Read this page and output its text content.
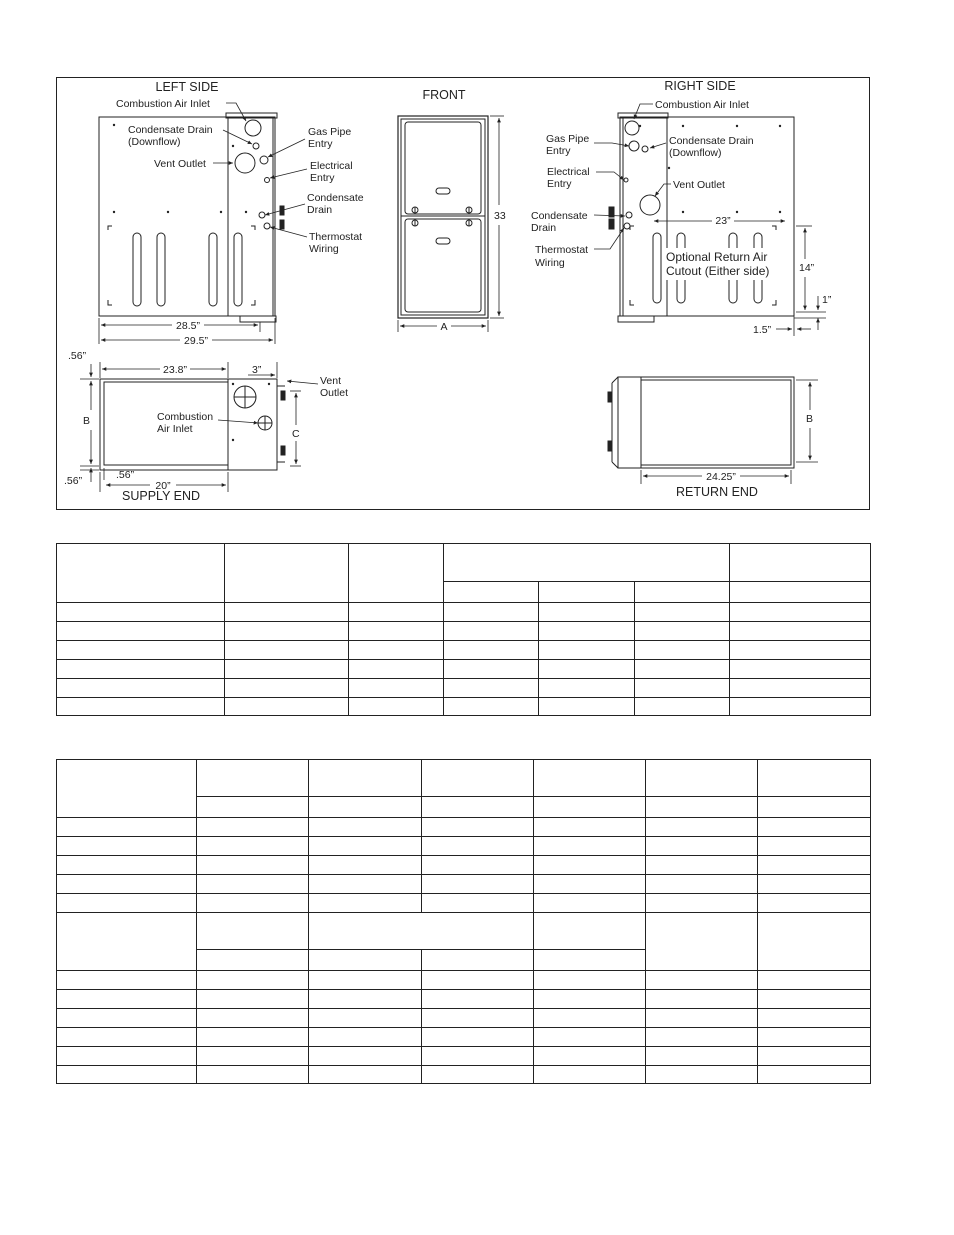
LEFT SIDE
Combustion Air Inlet
Condensate Drain
(Downflow)
Vent Outlet
Gas Pipe
Entry
Electrical
Entry
Condensate
Drain
Thermostat
Wiring
28.5”
29.5”
FRONT
33
A
RIGHT SIDE
Combustion Air Inlet
Gas Pipe
Entry
Condensate Drain
(Downflow)
Electrical
Entry	Vent Outlet
Condensate
Drain
Thermostat
Wiring	Optional Return Air
Cutout (Either side)
23”
14”
1”
1.5”
Vent
Outlet
Combustion
Air Inlet
.56”
23.8”	3”
B
C
.56”	.56”
20”
SUPPLY END
B
24.25”
RETURN END
